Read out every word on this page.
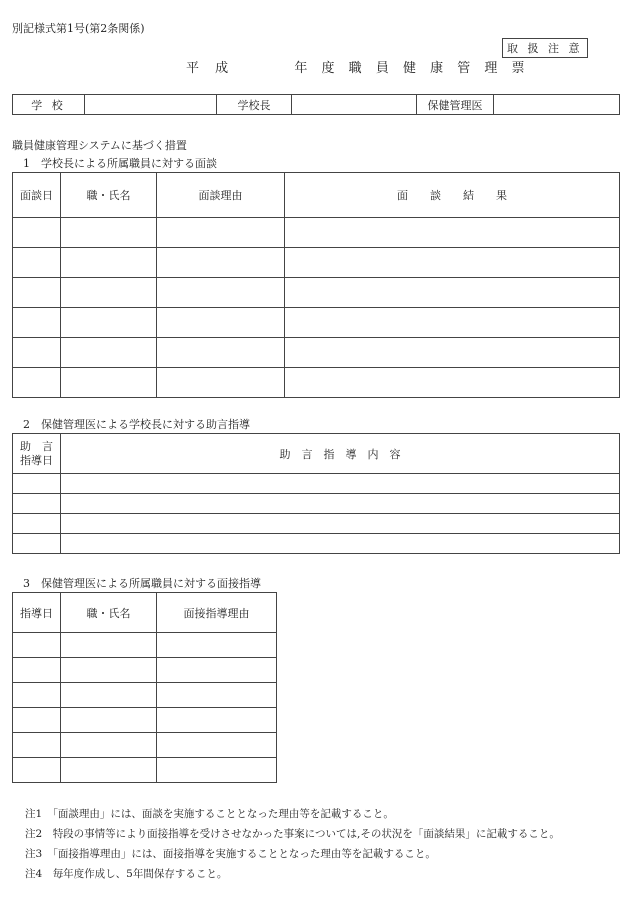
別記様式第1号(第2条関係)
取 扱 注 意
平 成	年 度 職 員 健 康 管 理 票
学 校		学校長		保健管理医	
職員健康管理システムに基づく措置
1　学校長による所属職員に対する面談
面談日	職・氏名	面談理由	面　　談　　結　　果

2　保健管理医による学校長に対する助言指導
助　言
指導日	助　言　指　導　内　容

3　保健管理医による所属職員に対する面接指導
指導日	職・氏名	面接指導理由

注1　 「面談理由」には、面談を実施することとなった理由等を記載すること。
注2　 特段の事情等により面接指導を受けさせなかった事案については,その状況を「面談結果」に記載すること。
注3　 「面接指導理由」には、面接指導を実施することとなった理由等を記載すること。
注4　 毎年度作成し、5年間保存すること。
